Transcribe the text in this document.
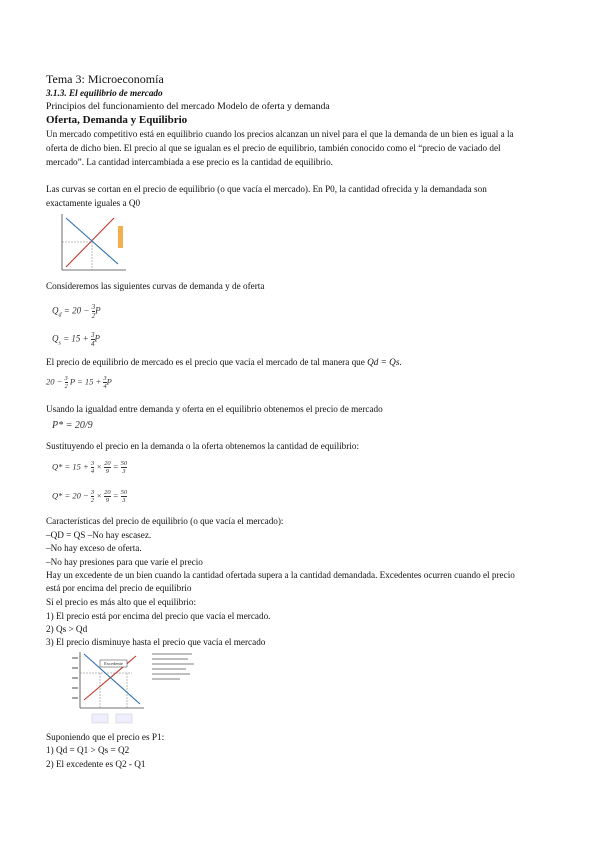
Tema 3: Microeconomía
3.1.3. El equilibrio de mercado
Principios del funcionamiento del mercado Modelo de oferta y demanda
Oferta, Demanda y Equilibrio
Un mercado competitivo está en equilibrio cuando los precios alcanzan un nivel para el que la demanda de un bien es igual a la
oferta de dicho bien. El precio al que se igualan es el precio de equilibrio, también conocido como el “precio de vaciado del
mercado”. La cantidad intercambiada a ese precio es la cantidad de equilibrio.
Las curvas se cortan en el precio de equilibrio (o que vacía el mercado). En P0, la cantidad ofrecida y la demandada son
exactamente iguales a Q0
Consideremos las siguientes curvas de demanda y de oferta
$Q_d = 20 - \frac{3}{2}$ P
$Q_s = 15 + \frac{3}{4}$ P
El precio de equilibrio de mercado es el precio que vacía el mercado de tal manera que Qd = Qs.
$20 - \frac{3}{2}$ $P = 15 + \frac{3}{4}$ P
Usando la igualdad entre demanda y oferta en el equilibrio obtenemos el precio de mercado
P* = 20/9
Sustituyendo el precio en la demanda o la oferta obtenemos la cantidad de equilibrio:
$Q* = 15 + \frac{3}{4} \times \frac{20}{9} = \frac{50}{3}$
$Q* = 20 - \frac{3}{2} \times \frac{20}{9} = \frac{50}{3}$
Características del precio de equilibrio (o que vacía el mercado):
–QD = QS –No hay escasez.
–No hay exceso de oferta.
–No hay presiones para que varíe el precio
Hay un excedente de un bien cuando la cantidad ofertada supera a la cantidad demandada. Excedentes ocurren cuando el precio
está por encima del precio de equilibrio
Si el precio es más alto que el equilibrio:
1) El precio está por encima del precio que vacía el mercado.
2) Qs > Qd
3) El precio disminuye hasta el precio que vacía el mercado
Excedente
Suponiendo que el precio es P1:
1) Qd = Q1 > Qs = Q2
2) El excedente es Q2 - Q1
